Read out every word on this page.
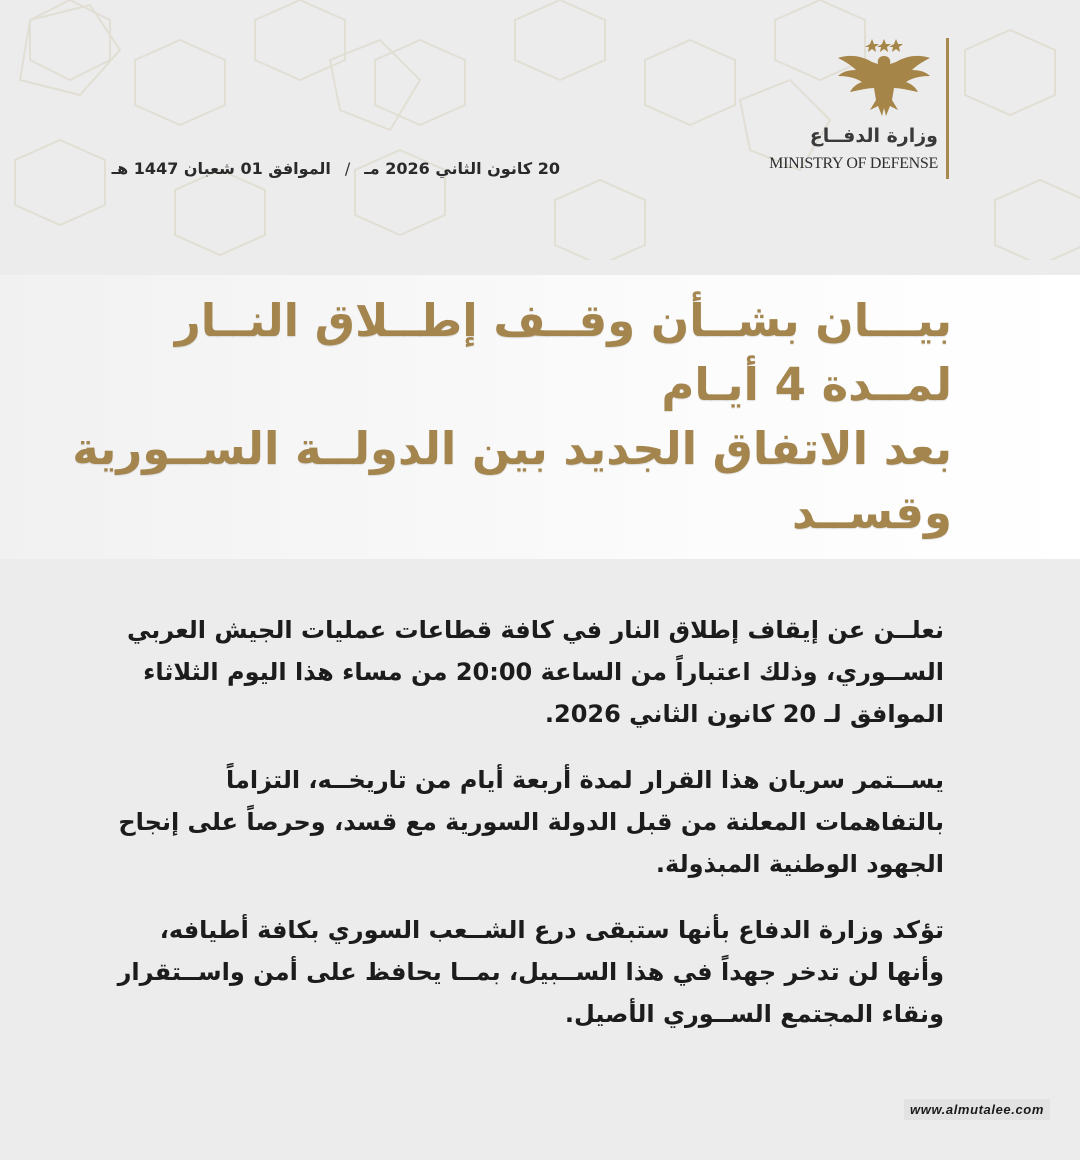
وزارة الدفــاع
MINISTRY OF DEFENSE
20 كانون الثاني 2026 مـ/الموافق 01 شعبان 1447 هـ
بيـــان بشــأن وقــف إطــلاق النــار لمــدة 4 أيـام
بعد الاتفاق الجديد بين الدولــة الســورية وقســد

نعلــن عن إيقاف إطلاق النار في كافة قطاعات عمليات الجيش العربي الســوري، وذلك اعتباراً من الساعة 20:00 من مساء هذا اليوم الثلاثاء الموافق لـ 20 كانون الثاني 2026.

يســتمر سريان هذا القرار لمدة أربعة أيام من تاريخــه، التزاماً بالتفاهمات المعلنة من قبل الدولة السورية مع قسد، وحرصاً على إنجاح الجهود الوطنية المبذولة.

تؤكد وزارة الدفاع بأنها ستبقى درع الشــعب السوري بكافة أطيافه، وأنها لن تدخر جهداً في هذا الســبيل، بمــا يحافظ على أمن واســتقرار ونقاء المجتمع الســوري الأصيل.

www.almutalee.com
